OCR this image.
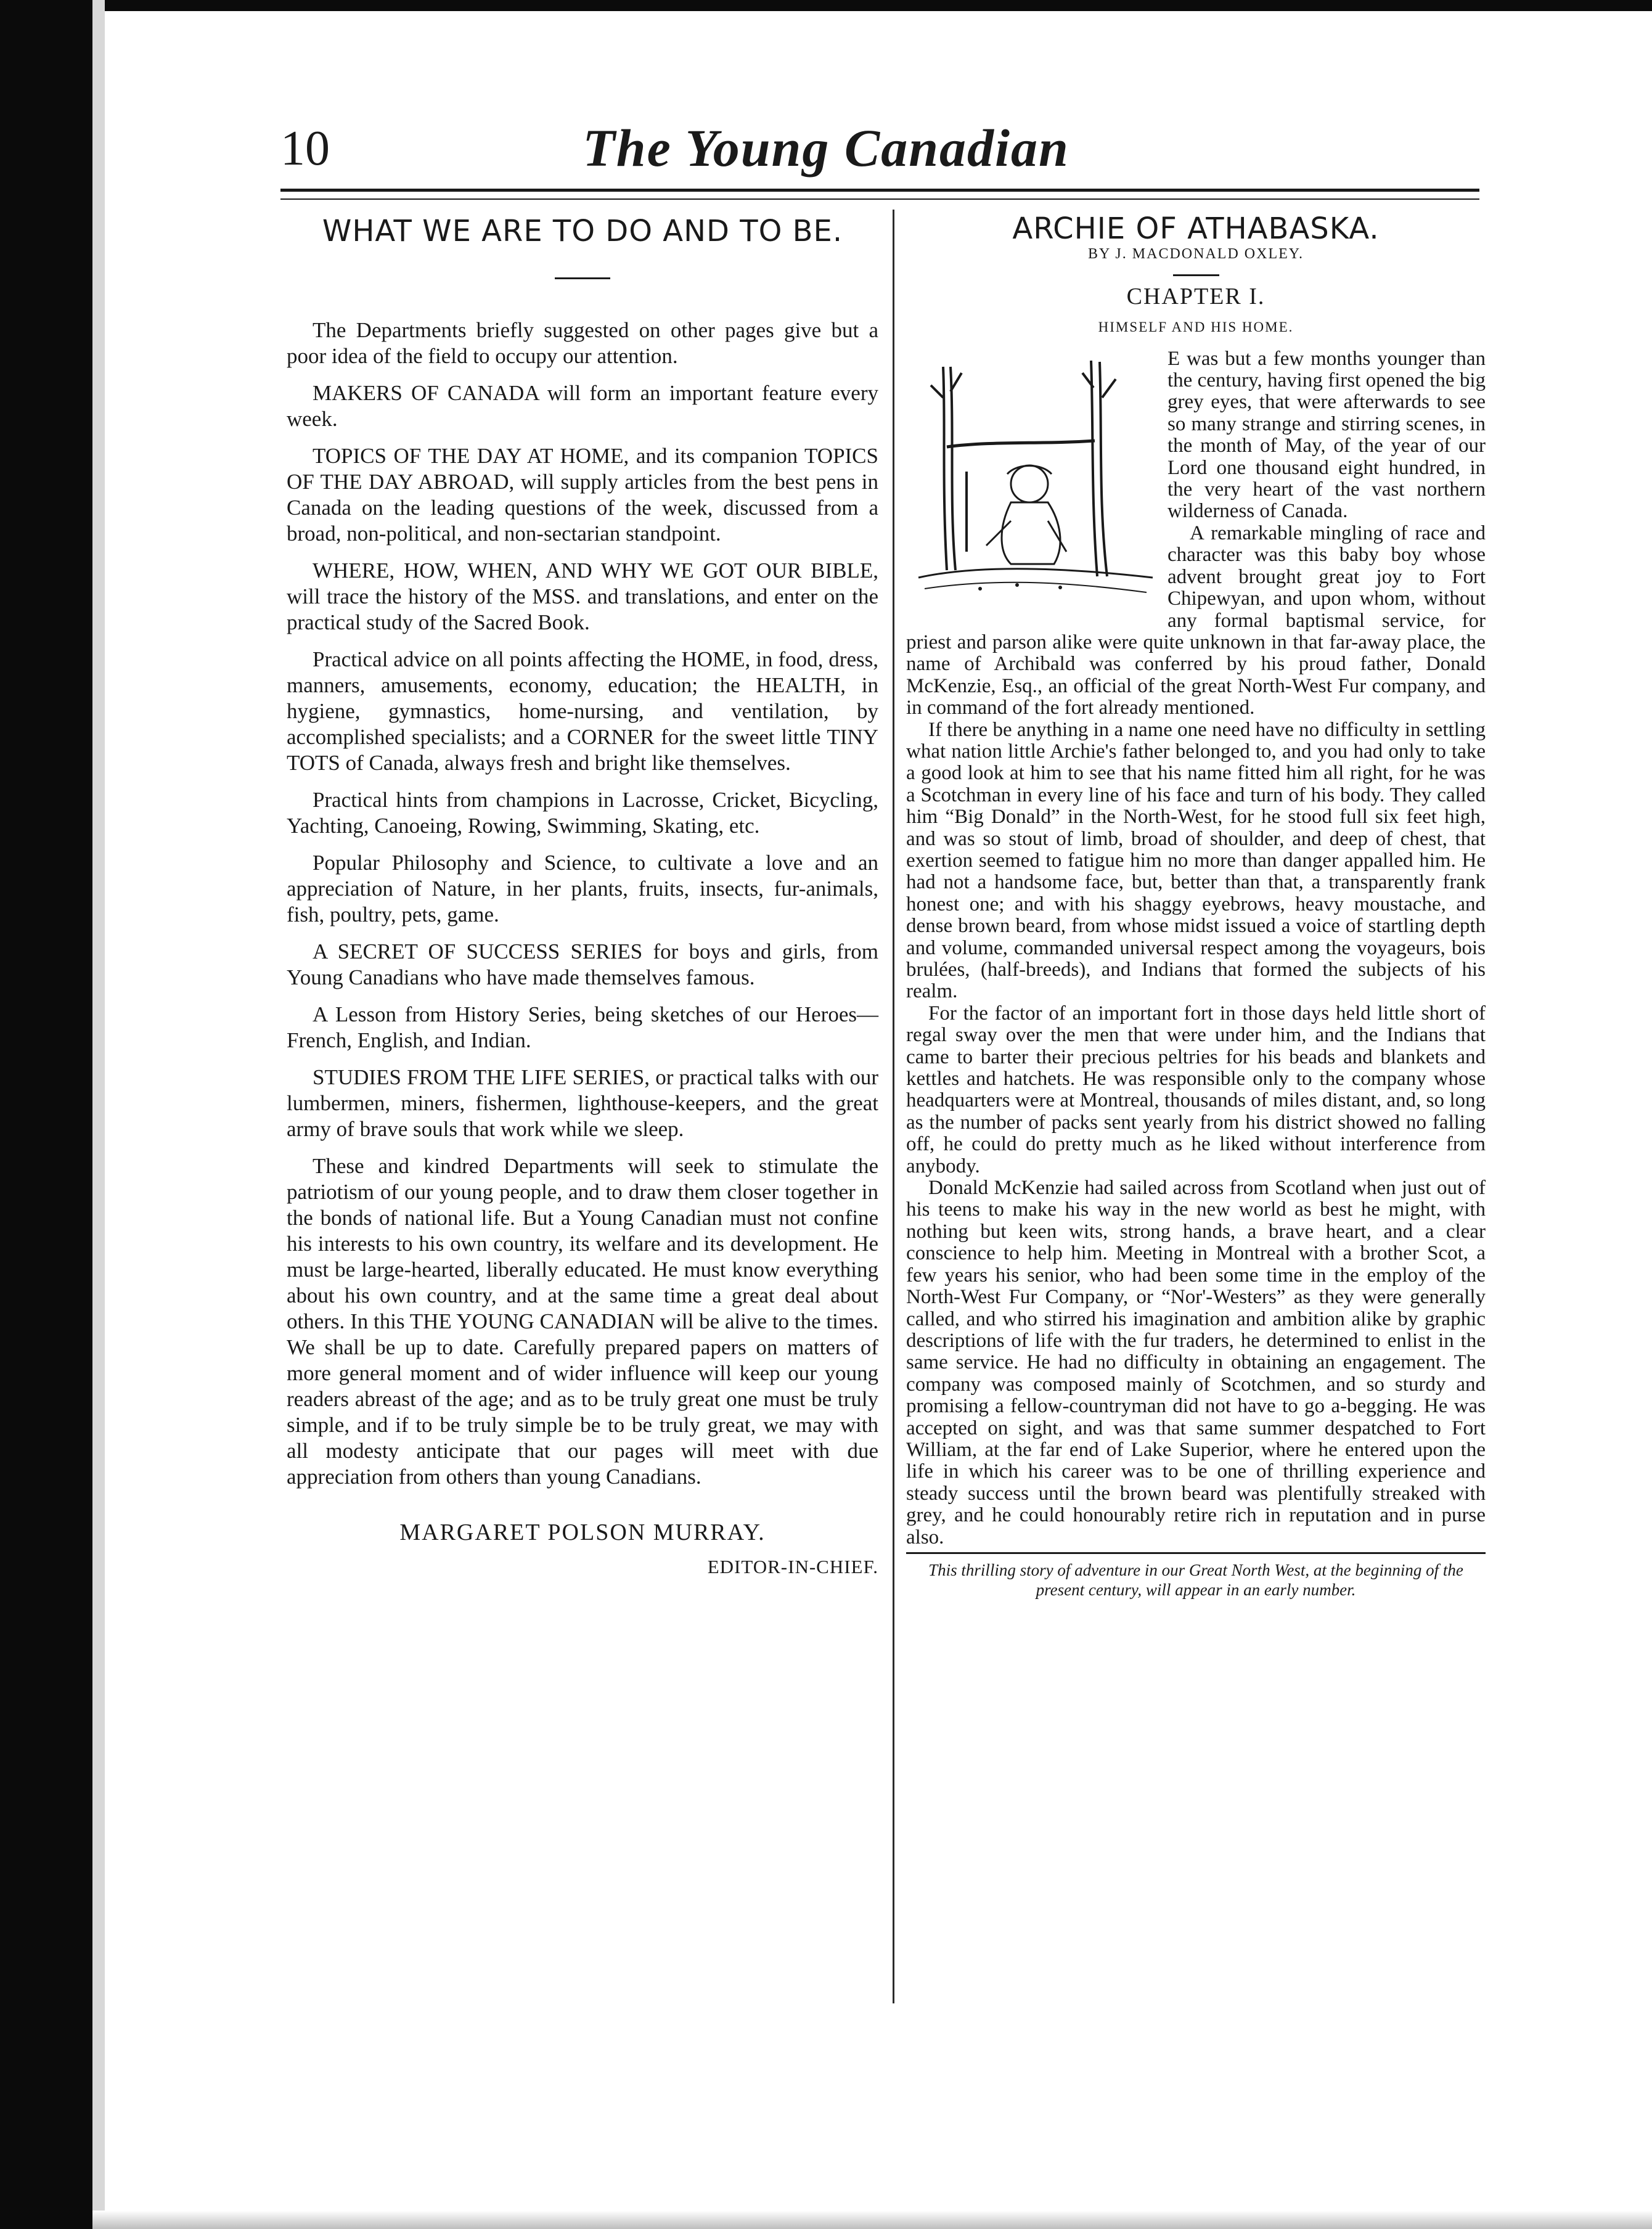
10	The Young Canadian
WHAT WE ARE TO DO AND TO BE.

The Departments briefly suggested on other pages give but a poor idea of the field to occupy our attention.

MAKERS OF CANADA will form an important feature every week.

TOPICS OF THE DAY AT HOME, and its companion TOPICS OF THE DAY ABROAD, will supply articles from the best pens in Canada on the leading questions of the week, discussed from a broad, non-political, and non-sectarian standpoint.

WHERE, HOW, WHEN, AND WHY WE GOT OUR BIBLE, will trace the history of the MSS. and translations, and enter on the practical study of the Sacred Book.

Practical advice on all points affecting the HOME, in food, dress, manners, amusements, economy, education; the HEALTH, in hygiene, gymnastics, home-nursing, and ventilation, by accomplished specialists; and a CORNER for the sweet little TINY TOTS of Canada, always fresh and bright like themselves.

Practical hints from champions in Lacrosse, Cricket, Bicycling, Yachting, Canoeing, Rowing, Swimming, Skating, etc.

Popular Philosophy and Science, to cultivate a love and an appreciation of Nature, in her plants, fruits, insects, fur-animals, fish, poultry, pets, game.

A SECRET OF SUCCESS SERIES for boys and girls, from Young Canadians who have made themselves famous.

A Lesson from History Series, being sketches of our Heroes—French, English, and Indian.

STUDIES FROM THE LIFE SERIES, or practical talks with our lumbermen, miners, fishermen, lighthouse-keepers, and the great army of brave souls that work while we sleep.

These and kindred Departments will seek to stimulate the patriotism of our young people, and to draw them closer together in the bonds of national life. But a Young Canadian must not confine his interests to his own country, its welfare and its development. He must be large-hearted, liberally educated. He must know everything about his own country, and at the same time a great deal about others. In this THE YOUNG CANADIAN will be alive to the times. We shall be up to date. Carefully prepared papers on matters of more general moment and of wider influence will keep our young readers abreast of the age; and as to be truly great one must be truly simple, and if to be truly simple be to be truly great, we may with all modesty anticipate that our pages will meet with due appreciation from others than young Canadians.

MARGARET POLSON MURRAY.
EDITOR-IN-CHIEF.
ARCHIE OF ATHABASKA.
BY J. MACDONALD OXLEY.
CHAPTER I.
HIMSELF AND HIS HOME.

E was but a few months younger than the century, having first opened the big grey eyes, that were afterwards to see so many strange and stirring scenes, in the month of May, of the year of our Lord one thousand eight hundred, in the very heart of the vast northern wilderness of Canada.

A remarkable mingling of race and character was this baby boy whose advent brought great joy to Fort Chipewyan, and upon whom, without any formal baptismal service, for priest and parson alike were quite unknown in that far-away place, the name of Archibald was conferred by his proud father, Donald McKenzie, Esq., an official of the great North-West Fur company, and in command of the fort already mentioned.

If there be anything in a name one need have no difficulty in settling what nation little Archie's father belonged to, and you had only to take a good look at him to see that his name fitted him all right, for he was a Scotchman in every line of his face and turn of his body. They called him “Big Donald” in the North-West, for he stood full six feet high, and was so stout of limb, broad of shoulder, and deep of chest, that exertion seemed to fatigue him no more than danger appalled him. He had not a handsome face, but, better than that, a transparently frank honest one; and with his shaggy eyebrows, heavy moustache, and dense brown beard, from whose midst issued a voice of startling depth and volume, commanded universal respect among the voyageurs, bois brulées, (half-breeds), and Indians that formed the subjects of his realm.

For the factor of an important fort in those days held little short of regal sway over the men that were under him, and the Indians that came to barter their precious peltries for his beads and blankets and kettles and hatchets. He was responsible only to the company whose headquarters were at Montreal, thousands of miles distant, and, so long as the number of packs sent yearly from his district showed no falling off, he could do pretty much as he liked without interference from anybody.

Donald McKenzie had sailed across from Scotland when just out of his teens to make his way in the new world as best he might, with nothing but keen wits, strong hands, a brave heart, and a clear conscience to help him. Meeting in Montreal with a brother Scot, a few years his senior, who had been some time in the employ of the North-West Fur Company, or “Nor'-Westers” as they were generally called, and who stirred his imagination and ambition alike by graphic descriptions of life with the fur traders, he determined to enlist in the same service. He had no difficulty in obtaining an engagement. The company was composed mainly of Scotchmen, and so sturdy and promising a fellow-countryman did not have to go a-begging. He was accepted on sight, and was that same summer despatched to Fort William, at the far end of Lake Superior, where he entered upon the life in which his career was to be one of thrilling experience and steady success until the brown beard was plentifully streaked with grey, and he could honourably retire rich in reputation and in purse also.

This thrilling story of adventure in our Great North West, at the beginning of the present century, will appear in an early number.
